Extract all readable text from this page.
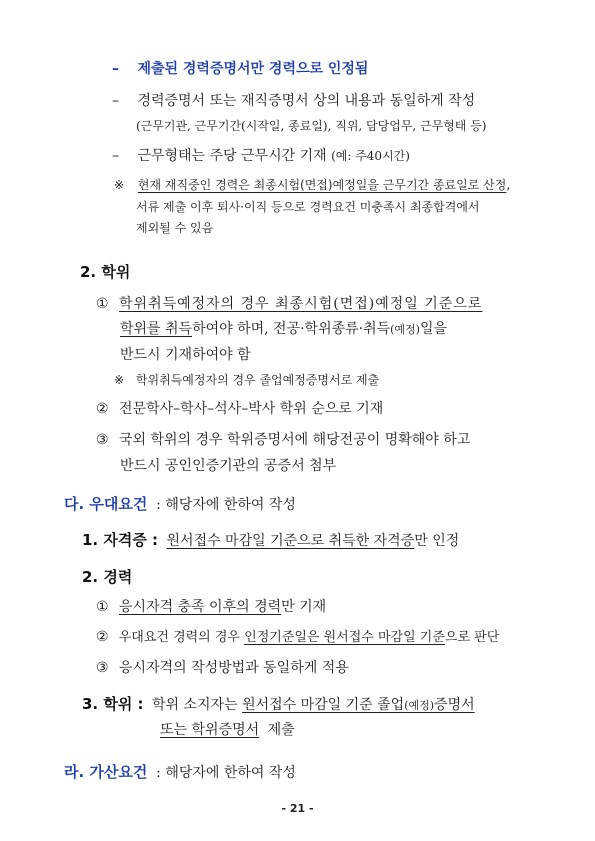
– 제출된 경력증명서만 경력으로 인정됨
– 경력증명서 또는 재직증명서 상의 내용과 동일하게 작성
(근무기관, 근무기간(시작일, 종료일), 직위, 담당업무, 근무형태 등)
– 근무형태는 주당 근무시간 기재 (예: 주40시간)
※ 현재 재직중인 경력은 최종시험(면접)예정일을 근무기간 종료일로 산정,
서류 제출 이후 퇴사·이직 등으로 경력요건 미충족시 최종합격에서
제외될 수 있음
2. 학위
① 학위취득예정자의 경우 최종시험(면접)예정일 기준으로
학위를 취득하여야 하며, 전공·학위종류·취득(예정)일을
반드시 기재하여야 함
※ 학위취득예정자의 경우 졸업예정증명서로 제출
② 전문학사–학사–석사–박사 학위 순으로 기재
③ 국외 학위의 경우 학위증명서에 해당전공이 명확해야 하고
반드시 공인인증기관의 공증서 첨부
다. 우대요건 : 해당자에 한하여 작성
1. 자격증 : 원서접수 마감일 기준으로 취득한 자격증만 인정
2. 경력
① 응시자격 충족 이후의 경력만 기재
② 우대요건 경력의 경우 인정기준일은 원서접수 마감일 기준으로 판단
③ 응시자격의 작성방법과 동일하게 적용
3. 학위 : 학위 소지자는 원서접수 마감일 기준 졸업(예정)증명서
또는 학위증명서 제출
라. 가산요건 : 해당자에 한하여 작성
- 21 -
